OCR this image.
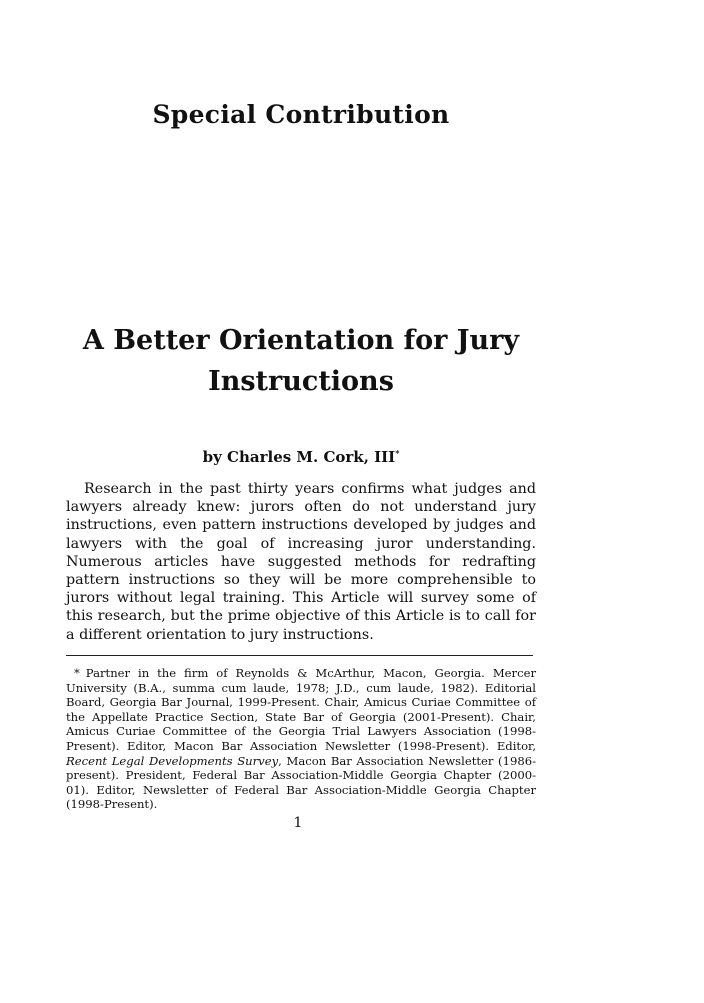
Special Contribution
A Better Orientation for Jury Instructions

by Charles M. Cork, III*

Research in the past thirty years confirms what judges and lawyers already knew: jurors often do not understand jury instructions, even pattern instructions developed by judges and lawyers with the goal of increasing juror understanding. Numerous articles have suggested methods for redrafting pattern instructions so they will be more comprehensible to jurors without legal training. This Article will survey some of this research, but the prime objective of this Article is to call for a different orientation to jury instructions.

* Partner in the firm of Reynolds & McArthur, Macon, Georgia. Mercer University (B.A., summa cum laude, 1978; J.D., cum laude, 1982). Editorial Board, Georgia Bar Journal, 1999-Present. Chair, Amicus Curiae Committee of the Appellate Practice Section, State Bar of Georgia (2001-Present). Chair, Amicus Curiae Committee of the Georgia Trial Lawyers Association (1998-Present). Editor, Macon Bar Association Newsletter (1998-Present). Editor, Recent Legal Developments Survey, Macon Bar Association Newsletter (1986-present). President, Federal Bar Association-Middle Georgia Chapter (2000-01). Editor, Newsletter of Federal Bar Association-Middle Georgia Chapter (1998-Present).

1
